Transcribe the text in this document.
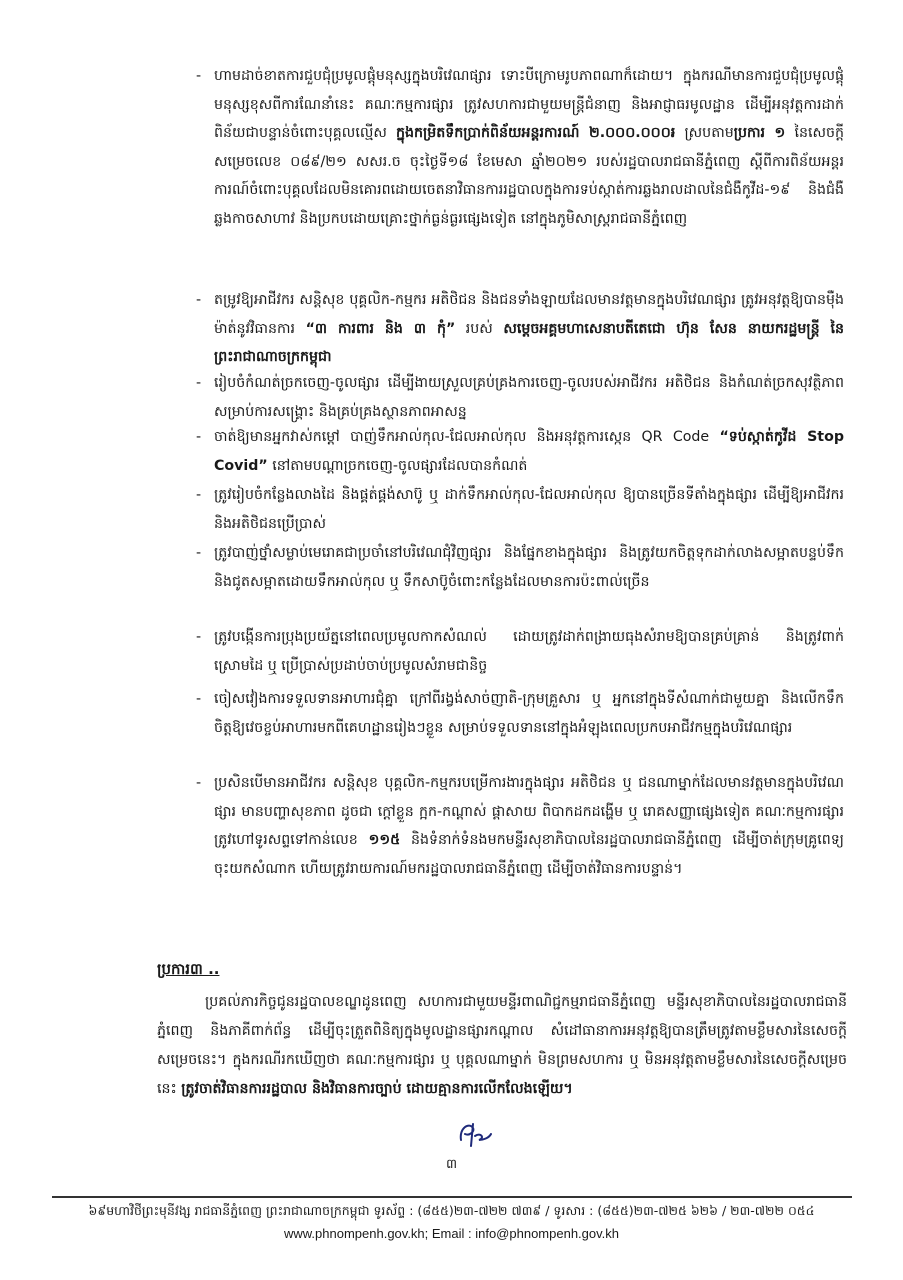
- ហាមដាច់ខាតការជួបជុំប្រមូលផ្តុំមនុស្សក្នុងបរិវេណផ្សារ ទោះបីក្រោមរូបភាពណាក៏ដោយ។ ក្នុងករណីមានការជួបជុំប្រមូលផ្តុំមនុស្សខុសពីការណែនាំនេះ គណៈកម្មការផ្សារ ត្រូវសហការជាមួយមន្ត្រីជំនាញ និងអាជ្ញាធរមូលដ្ឋាន ដើម្បីអនុវត្តការដាក់ពិន័យជាបន្ទាន់ចំពោះបុគ្គលល្មើស ក្នុងកម្រិតទឹកប្រាក់ពិន័យអន្តរការណ៍ ២.០០០.០០០៛ ស្របតាមប្រការ ១ នៃសេចក្តីសម្រេចលេខ ០៨៩/២១ សសរ.ច ចុះថ្ងៃទី១៨ ខែមេសា ឆ្នាំ២០២១ របស់រដ្ឋបាលរាជធានីភ្នំពេញ ស្តីពីការពិន័យអន្តរការណ៍ចំពោះបុគ្គលដែលមិនគោរពដោយចេតនាវិធានការរដ្ឋបាលក្នុងការទប់ស្កាត់ការឆ្លងរាលដាលនៃជំងឺកូវីដ-១៩ និងជំងឺឆ្លងកាចសាហាវ និងប្រកបដោយគ្រោះថ្នាក់ធ្ងន់ធ្ងរផ្សេងទៀត នៅក្នុងភូមិសាស្ត្ររាជធានីភ្នំពេញ

- តម្រូវឱ្យអាជីវករ សន្តិសុខ បុគ្គលិក-កម្មករ អតិថិជន និងជនទាំងឡាយដែលមានវត្តមានក្នុងបរិវេណផ្សារ ត្រូវអនុវត្តឱ្យបានម៉ឺងម៉ាត់នូវវិធានការ “៣ ការពារ និង ៣ កុំ” របស់ សម្តេចអគ្គមហាសេនាបតីតេជោ ហ៊ុន សែន នាយករដ្ឋមន្ត្រី នៃព្រះរាជាណាចក្រកម្ពុជា

- រៀបចំកំណត់ច្រកចេញ-ចូលផ្សារ ដើម្បីងាយស្រួលគ្រប់គ្រងការចេញ-ចូលរបស់អាជីវករ អតិថិជន និងកំណត់ច្រកសុវត្ថិភាពសម្រាប់ការសង្គ្រោះ និងគ្រប់គ្រងស្ថានភាពអាសន្ន

- ចាត់ឱ្យមានអ្នកវាស់កម្តៅ បាញ់ទឹកអាល់កុល-ជែលអាល់កុល និងអនុវត្តការស្កេន QR Code “ទប់ស្កាត់កូវីដ Stop Covid” នៅតាមបណ្តាច្រកចេញ-ចូលផ្សារដែលបានកំណត់

- ត្រូវរៀបចំកន្លែងលាងដៃ និងផ្គត់ផ្គង់សាប៊ូ ឬ ដាក់ទឹកអាល់កុល-ជែលអាល់កុល ឱ្យបានច្រើនទីតាំងក្នុងផ្សារ ដើម្បីឱ្យអាជីវករ និងអតិថិជនប្រើប្រាស់

- ត្រូវបាញ់ថ្នាំសម្លាប់មេរោគជាប្រចាំនៅបរិវេណជុំវិញផ្សារ និងផ្នែកខាងក្នុងផ្សារ និងត្រូវយកចិត្តទុកដាក់លាងសម្អាតបន្ទប់ទឹក និងជូតសម្អាតដោយទឹកអាល់កុល ឬ ទឹកសាប៊ូចំពោះកន្លែងដែលមានការប៉ះពាល់ច្រើន

- ត្រូវបង្កើនការប្រុងប្រយ័ត្ននៅពេលប្រមូលកាកសំណល់ ដោយត្រូវដាក់ពង្រាយធុងសំរាមឱ្យបានគ្រប់គ្រាន់ និងត្រូវពាក់ស្រោមដៃ ឬ ប្រើប្រាស់ប្រដាប់ចាប់ប្រមូលសំរាមជានិច្ច

- ចៀសវៀងការទទួលទានអាហារជុំគ្នា ក្រៅពីរង្វង់សាច់ញាតិ-ក្រុមគ្រួសារ ឬ អ្នកនៅក្នុងទីសំណាក់ជាមួយគ្នា និងលើកទឹកចិត្តឱ្យវេចខ្ចប់អាហារមកពីគេហដ្ឋានរៀងៗខ្លួន សម្រាប់ទទួលទាននៅក្នុងអំឡុងពេលប្រកបអាជីវកម្មក្នុងបរិវេណផ្សារ

- ប្រសិនបើមានអាជីវករ សន្តិសុខ បុគ្គលិក-កម្មករបម្រើការងារក្នុងផ្សារ អតិថិជន ឬ ជនណាម្នាក់ដែលមានវត្តមានក្នុងបរិវេណផ្សារ មានបញ្ហាសុខភាព ដូចជា ក្តៅខ្លួន ក្អក-កណ្តាស់ ផ្តាសាយ ពិបាកដកដង្ហើម ឬ រោគសញ្ញាផ្សេងទៀត គណៈកម្មការផ្សារ ត្រូវហៅទូរសព្ទទៅកាន់លេខ ១១៥ និងទំនាក់ទំនងមកមន្ទីរសុខាភិបាលនៃរដ្ឋបាលរាជធានីភ្នំពេញ ដើម្បីចាត់ក្រុមគ្រូពេទ្យចុះយកសំណាក ហើយត្រូវរាយការណ៍មករដ្ឋបាលរាជធានីភ្នំពេញ ដើម្បីចាត់វិធានការបន្ទាន់។

ប្រការ៣ ..

ប្រគល់ភារកិច្ចជូនរដ្ឋបាលខណ្ឌដូនពេញ សហការជាមួយមន្ទីរពាណិជ្ជកម្មរាជធានីភ្នំពេញ មន្ទីរសុខាភិបាលនៃរដ្ឋបាលរាជធានីភ្នំពេញ និងភាគីពាក់ព័ន្ធ ដើម្បីចុះត្រួតពិនិត្យក្នុងមូលដ្ឋានផ្សារកណ្តាល សំដៅធានាការអនុវត្តឱ្យបានត្រឹមត្រូវតាមខ្លឹមសារនៃសេចក្តីសម្រេចនេះ។ ក្នុងករណីរកឃើញថា គណៈកម្មការផ្សារ ឬ បុគ្គលណាម្នាក់ មិនព្រមសហការ ឬ មិនអនុវត្តតាមខ្លឹមសារនៃសេចក្តីសម្រេចនេះ ត្រូវចាត់វិធានការរដ្ឋបាល និងវិធានការច្បាប់ ដោយគ្មានការលើកលែងឡើយ។

៣
៦៩មហាវិថីព្រះមុនីវង្ស រាជធានីភ្នំពេញ ព្រះរាជាណាចក្រកម្ពុជា ទូរស័ព្ទ : (៨៥៥)២៣-៧២២ ៧៣៩ / ទូរសារ : (៨៥៥)២៣-៧២៥ ៦២៦ / ២៣-៧២២ ០៥៤
www.phnompenh.gov.kh; Email : info@phnompenh.gov.kh
